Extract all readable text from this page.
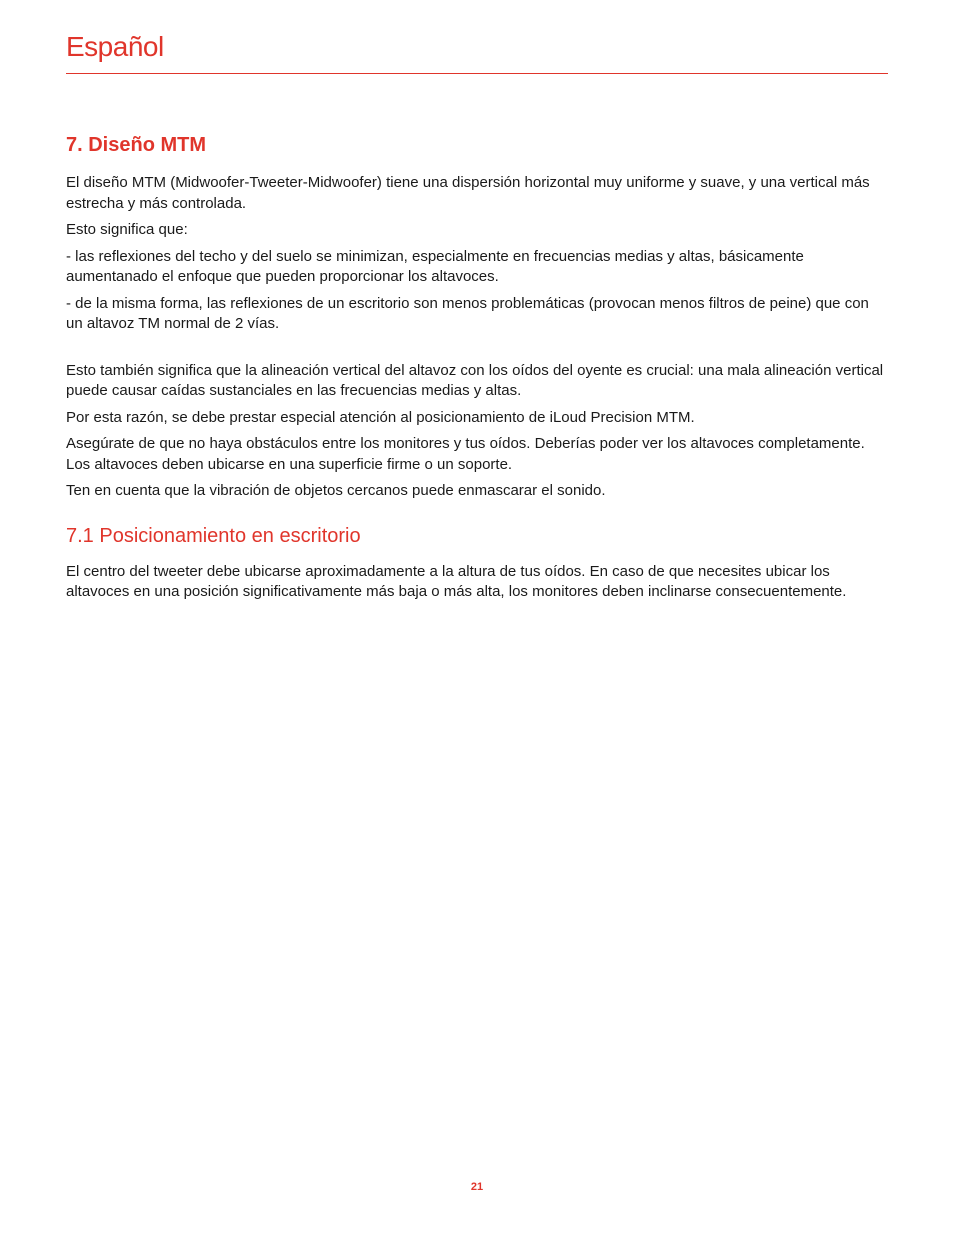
Español
7. Diseño MTM

El diseño MTM (Midwoofer-Tweeter-Midwoofer) tiene una dispersión horizontal muy uniforme y suave, y una vertical más estrecha y más controlada.

Esto significa que:

- las reflexiones del techo y del suelo se minimizan, especialmente en frecuencias medias y altas, básicamente aumentanado el enfoque que pueden proporcionar los altavoces.

- de la misma forma, las reflexiones de un escritorio son menos problemáticas (provocan menos filtros de peine) que con un altavoz TM normal de 2 vías.

Esto también significa que la alineación vertical del altavoz con los oídos del oyente es crucial: una mala alineación vertical puede causar caídas sustanciales en las frecuencias medias y altas.

Por esta razón, se debe prestar especial atención al posicionamiento de iLoud Precision MTM.

Asegúrate de que no haya obstáculos entre los monitores y tus oídos. Deberías poder ver los altavoces completamente. Los altavoces deben ubicarse en una superficie firme o un soporte.

Ten en cuenta que la vibración de objetos cercanos puede enmascarar el sonido.

7.1 Posicionamiento en escritorio

El centro del tweeter debe ubicarse aproximadamente a la altura de tus oídos. En caso de que necesites ubicar los altavoces en una posición significativamente más baja o más alta, los monitores deben inclinarse consecuentemente.

21
